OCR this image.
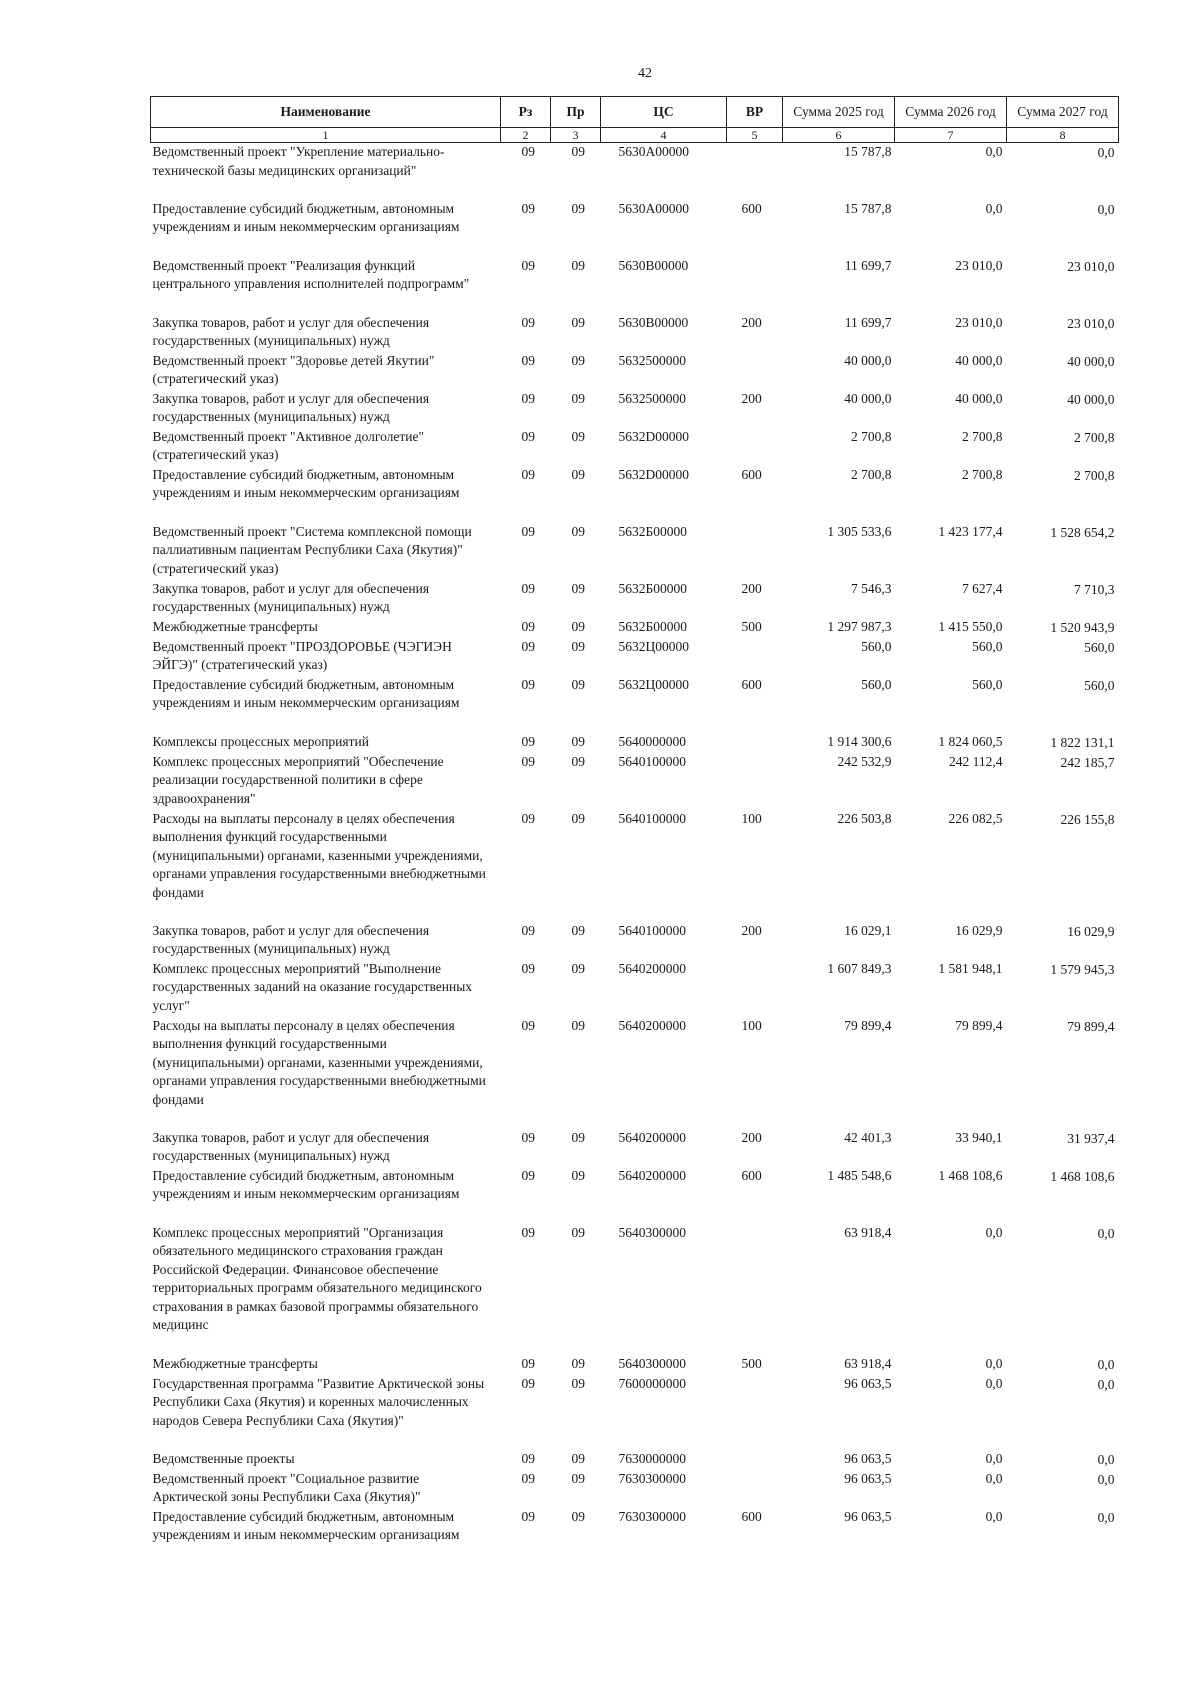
42
Наименование	Рз	Пр	ЦС	ВР	Сумма 2025 год	Сумма 2026 год	Сумма 2027 год
1	2	3	4	5	6	7	8
Ведомственный проект "Укрепление материально-технической базы медицинских организаций"	09	09	5630А00000		15 787,8	0,0	0,0
Предоставление субсидий бюджетным, автономным учреждениям и иным некоммерческим организациям	09	09	5630А00000	600	15 787,8	0,0	0,0
Ведомственный проект "Реализация функций центрального управления исполнителей подпрограмм"	09	09	5630В00000		11 699,7	23 010,0	23 010,0
Закупка товаров, работ и услуг для обеспечения государственных (муниципальных) нужд	09	09	5630В00000	200	11 699,7	23 010,0	23 010,0
Ведомственный проект "Здоровье детей Якутии" (стратегический указ)	09	09	5632500000		40 000,0	40 000,0	40 000,0
Закупка товаров, работ и услуг для обеспечения государственных (муниципальных) нужд	09	09	5632500000	200	40 000,0	40 000,0	40 000,0
Ведомственный проект "Активное долголетие" (стратегический указ)	09	09	5632D00000		2 700,8	2 700,8	2 700,8
Предоставление субсидий бюджетным, автономным учреждениям и иным некоммерческим организациям	09	09	5632D00000	600	2 700,8	2 700,8	2 700,8
Ведомственный проект "Система комплексной помощи паллиативным пациентам Республики Саха (Якутия)" (стратегический указ)	09	09	5632Б00000		1 305 533,6	1 423 177,4	1 528 654,2
Закупка товаров, работ и услуг для обеспечения государственных (муниципальных) нужд	09	09	5632Б00000	200	7 546,3	7 627,4	7 710,3
Межбюджетные трансферты	09	09	5632Б00000	500	1 297 987,3	1 415 550,0	1 520 943,9
Ведомственный проект "ПРОЗДОРОВЬЕ (ЧЭГИЭН ЭЙГЭ)" (стратегический указ)	09	09	5632Ц00000		560,0	560,0	560,0
Предоставление субсидий бюджетным, автономным учреждениям и иным некоммерческим организациям	09	09	5632Ц00000	600	560,0	560,0	560,0
Комплексы процессных мероприятий	09	09	5640000000		1 914 300,6	1 824 060,5	1 822 131,1
Комплекс процессных мероприятий "Обеспечение реализации государственной политики в сфере здравоохранения"	09	09	5640100000		242 532,9	242 112,4	242 185,7
Расходы на выплаты персоналу в целях обеспечения выполнения функций государственными (муниципальными) органами, казенными учреждениями, органами управления государственными внебюджетными фондами	09	09	5640100000	100	226 503,8	226 082,5	226 155,8
Закупка товаров, работ и услуг для обеспечения государственных (муниципальных) нужд	09	09	5640100000	200	16 029,1	16 029,9	16 029,9
Комплекс процессных мероприятий "Выполнение государственных заданий на оказание государственных услуг"	09	09	5640200000		1 607 849,3	1 581 948,1	1 579 945,3
Расходы на выплаты персоналу в целях обеспечения выполнения функций государственными (муниципальными) органами, казенными учреждениями, органами управления государственными внебюджетными фондами	09	09	5640200000	100	79 899,4	79 899,4	79 899,4
Закупка товаров, работ и услуг для обеспечения государственных (муниципальных) нужд	09	09	5640200000	200	42 401,3	33 940,1	31 937,4
Предоставление субсидий бюджетным, автономным учреждениям и иным некоммерческим организациям	09	09	5640200000	600	1 485 548,6	1 468 108,6	1 468 108,6
Комплекс процессных мероприятий "Организация обязательного медицинского страхования граждан Российской Федерации. Финансовое обеспечение территориальных программ обязательного медицинского страхования в рамках базовой программы обязательного медицинс	09	09	5640300000		63 918,4	0,0	0,0
Межбюджетные трансферты	09	09	5640300000	500	63 918,4	0,0	0,0
Государственная программа "Развитие Арктической зоны Республики Саха (Якутия) и коренных малочисленных народов Севера Республики Саха (Якутия)"	09	09	7600000000		96 063,5	0,0	0,0
Ведомственные проекты	09	09	7630000000		96 063,5	0,0	0,0
Ведомственный проект "Социальное развитие Арктической зоны Республики Саха (Якутия)"	09	09	7630300000		96 063,5	0,0	0,0
Предоставление субсидий бюджетным, автономным учреждениям и иным некоммерческим организациям	09	09	7630300000	600	96 063,5	0,0	0,0
